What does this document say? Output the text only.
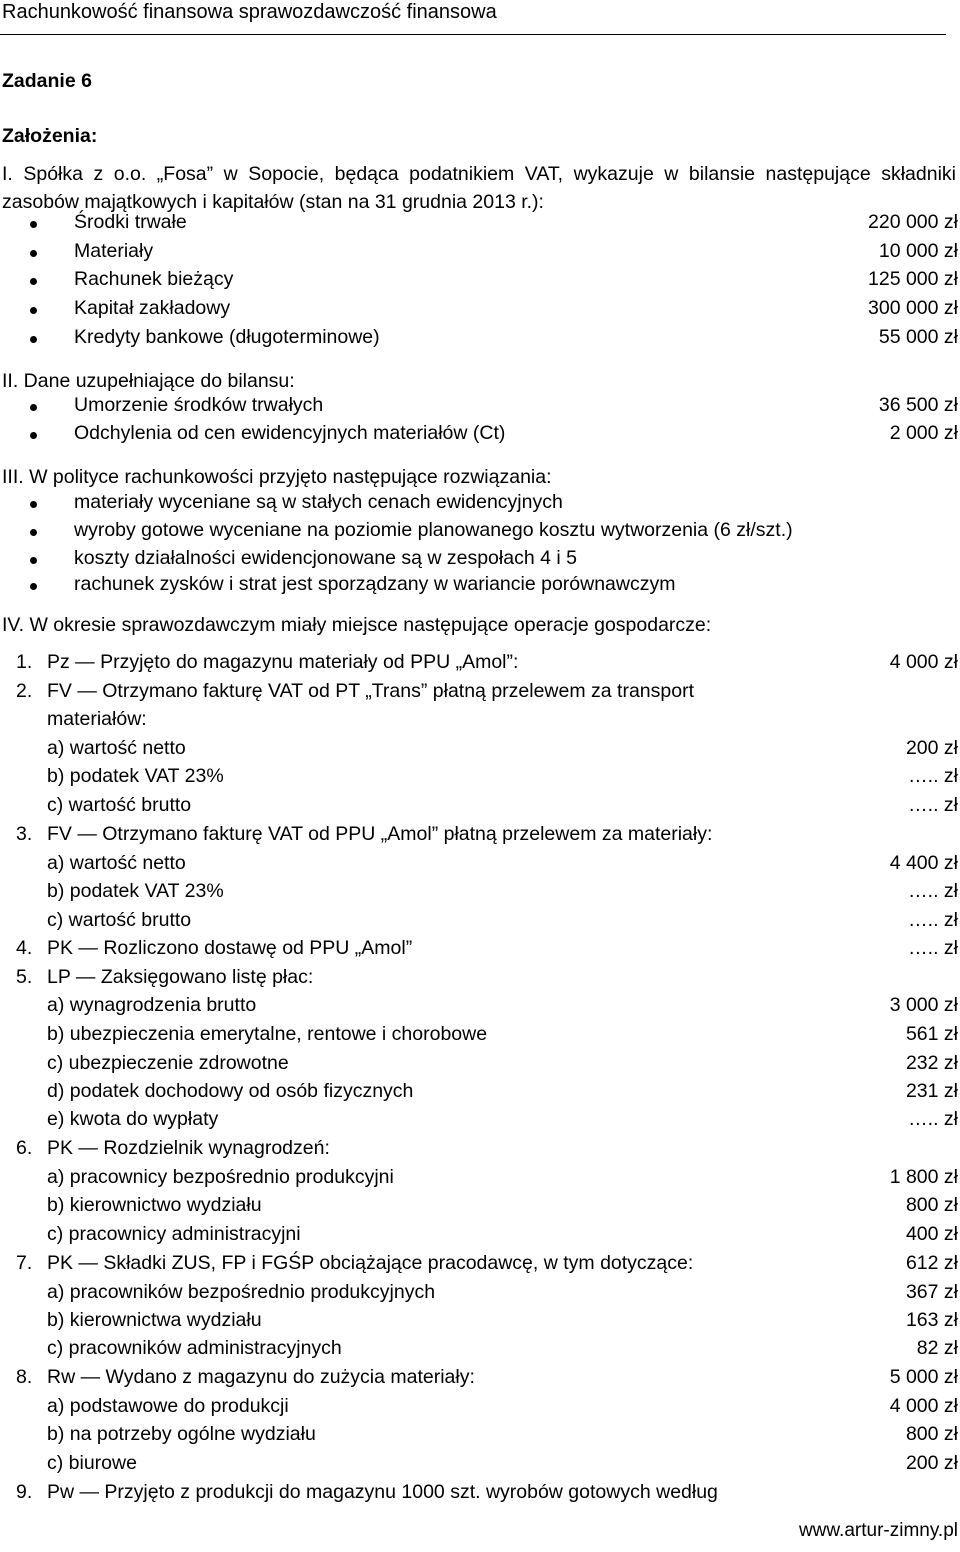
Rachunkowość finansowa sprawozdawczość finansowa
Zadanie 6
Założenia:
I. Spółka z o.o. „Fosa” w Sopocie, będąca podatnikiem VAT, wykazuje w bilansie następujące składniki zasobów majątkowych i kapitałów (stan na 31 grudnia 2013 r.):
Środki trwałe	220 000 zł
Materiały	10 000 zł
Rachunek bieżący	125 000 zł
Kapitał zakładowy	300 000 zł
Kredyty bankowe (długoterminowe)	55 000 zł
II. Dane uzupełniające do bilansu:
Umorzenie środków trwałych	36 500 zł
Odchylenia od cen ewidencyjnych materiałów (Ct)	2 000 zł
III. W polityce rachunkowości przyjęto następujące rozwiązania:
materiały wyceniane są w stałych cenach ewidencyjnych
wyroby gotowe wyceniane na poziomie planowanego kosztu wytworzenia (6 zł/szt.)
koszty działalności ewidencjonowane są w zespołach 4 i 5
rachunek zysków i strat jest sporządzany w wariancie porównawczym
IV. W okresie sprawozdawczym miały miejsce następujące operacje gospodarcze:
1. Pz — Przyjęto do magazynu materiały od PPU „Amol”:	4 000 zł
2. FV — Otrzymano fakturę VAT od PT „Trans” płatną przelewem za transport
materiałów:
a) wartość netto	200 zł
b) podatek VAT 23%	….. zł
c) wartość brutto	….. zł
3. FV — Otrzymano fakturę VAT od PPU „Amol” płatną przelewem za materiały:
a) wartość netto	4 400 zł
b) podatek VAT 23%	….. zł
c) wartość brutto	….. zł
4. PK — Rozliczono dostawę od PPU „Amol”	….. zł
5. LP — Zaksięgowano listę płac:
a) wynagrodzenia brutto	3 000 zł
b) ubezpieczenia emerytalne, rentowe i chorobowe	561 zł
c) ubezpieczenie zdrowotne	232 zł
d) podatek dochodowy od osób fizycznych	231 zł
e) kwota do wypłaty	….. zł
6. PK — Rozdzielnik wynagrodzeń:
a) pracownicy bezpośrednio produkcyjni	1 800 zł
b) kierownictwo wydziału	800 zł
c) pracownicy administracyjni	400 zł
7. PK — Składki ZUS, FP i FGŚP obciążające pracodawcę, w tym dotyczące:	612 zł
a) pracowników bezpośrednio produkcyjnych	367 zł
b) kierownictwa wydziału	163 zł
c) pracowników administracyjnych	82 zł
8. Rw — Wydano z magazynu do zużycia materiały:	5 000 zł
a) podstawowe do produkcji	4 000 zł
b) na potrzeby ogólne wydziału	800 zł
c) biurowe	200 zł
9. Pw — Przyjęto z produkcji do magazynu 1000 szt. wyrobów gotowych według
www.artur-zimny.pl
